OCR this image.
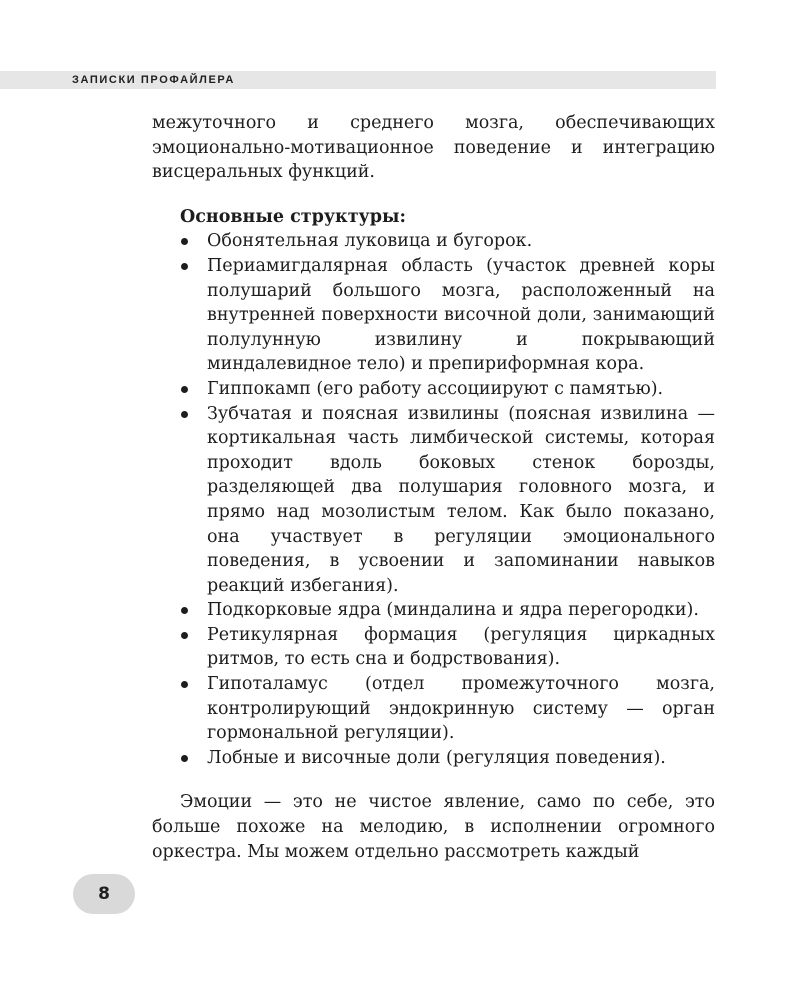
ЗАПИСКИ ПРОФАЙЛЕРА

межуточного и среднего мозга, обеспечивающих эмоционально-мотивационное поведение и интеграцию висцеральных функций.

Основные структуры:

Обонятельная луковица и бугорок.
Периамигдалярная область (участок древней коры полушарий большого мозга, расположенный на внутренней поверхности височной доли, занимающий полулунную извилину и покрывающий миндалевидное тело) и препириформная кора.
Гиппокамп (его работу ассоциируют с памятью).
Зубчатая и поясная извилины (поясная извилина — кортикальная часть лимбической системы, которая проходит вдоль боковых стенок борозды, разделяющей два полушария головного мозга, и прямо над мозолистым телом. Как было показано, она участвует в регуляции эмоционального поведения, в усвоении и запоминании навыков реакций избегания).
Подкорковые ядра (миндалина и ядра перегородки).
Ретикулярная формация (регуляция циркадных ритмов, то есть сна и бодрствования).
Гипоталамус (отдел промежуточного мозга, контролирующий эндокринную систему — орган гормональной регуляции).
Лобные и височные доли (регуляция поведения).

Эмоции — это не чистое явление, само по себе, это больше похоже на мелодию, в исполнении огромного оркестра. Мы можем отдельно рассмотреть каждый

8
